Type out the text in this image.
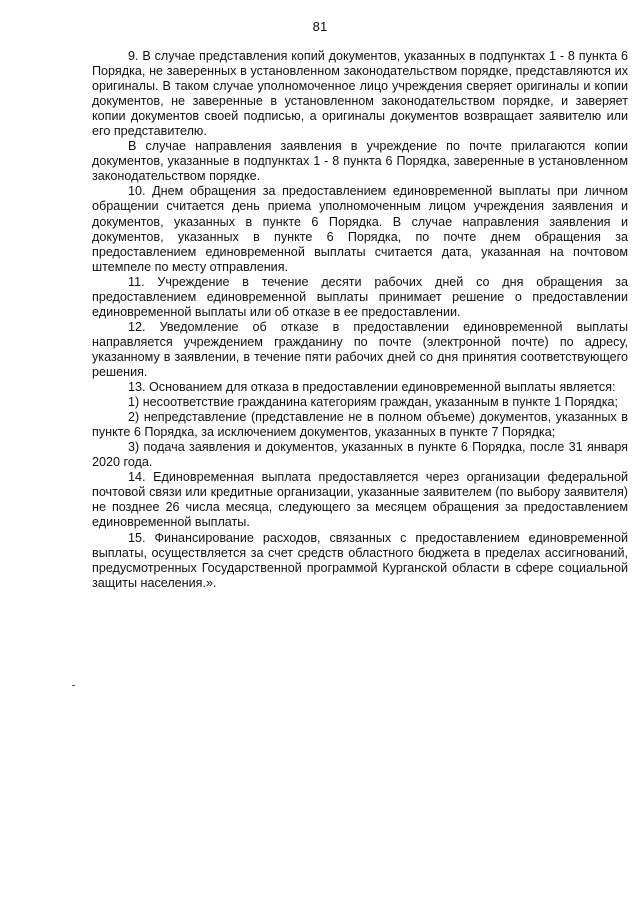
81

9. В случае представления копий документов, указанных в подпунктах 1 - 8 пункта 6 Порядка, не заверенных в установленном законодательством порядке, представляются их оригиналы. В таком случае уполномоченное лицо учреждения сверяет оригиналы и копии документов, не заверенные в установленном законодательством порядке, и заверяет копии документов своей подписью, а оригиналы документов возвращает заявителю или его представителю.

В случае направления заявления в учреждение по почте прилагаются копии документов, указанные в подпунктах 1 - 8 пункта 6 Порядка, заверенные в установленном законодательством порядке.

10. Днем обращения за предоставлением единовременной выплаты при личном обращении считается день приема уполномоченным лицом учреждения заявления и документов, указанных в пункте 6 Порядка. В случае направления заявления и документов, указанных в пункте 6 Порядка, по почте днем обращения за предоставлением единовременной выплаты считается дата, указанная на почтовом штемпеле по месту отправления.

11. Учреждение в течение десяти рабочих дней со дня обращения за предоставлением единовременной выплаты принимает решение о предоставлении единовременной выплаты или об отказе в ее предоставлении.

12. Уведомление об отказе в предоставлении единовременной выплаты направляется учреждением гражданину по почте (электронной почте) по адресу, указанному в заявлении, в течение пяти рабочих дней со дня принятия соответствующего решения.

13. Основанием для отказа в предоставлении единовременной выплаты является:

1) несоответствие гражданина категориям граждан, указанным в пункте 1 Порядка;

2) непредставление (представление не в полном объеме) документов, указанных в пункте 6 Порядка, за исключением документов, указанных в пункте 7 Порядка;

3) подача заявления и документов, указанных в пункте 6 Порядка, после 31 января 2020 года.

14. Единовременная выплата предоставляется через организации федеральной почтовой связи или кредитные организации, указанные заявителем (по выбору заявителя) не позднее 26 числа месяца, следующего за месяцем обращения за предоставлением единовременной выплаты.

15. Финансирование расходов, связанных с предоставлением единовременной выплаты, осуществляется за счет средств областного бюджета в пределах ассигнований, предусмотренных Государственной программой Курганской области в сфере социальной защиты населения.».
